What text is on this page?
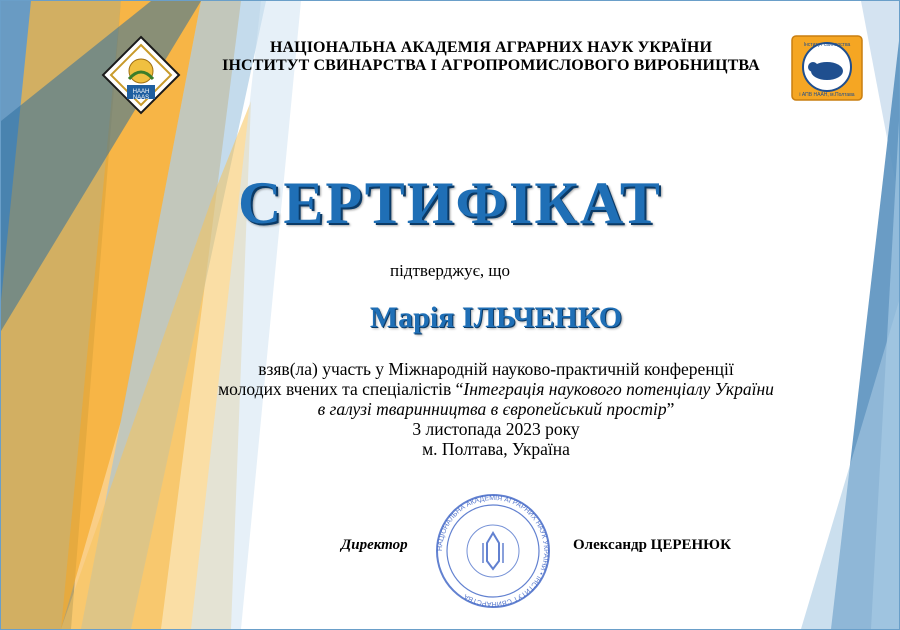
НААН
NAAS
Інститут свинарства
і АПВ НААН, м.Полтава
НАЦІОНАЛЬНА АКАДЕМІЯ АГРАРНИХ НАУК УКРАЇНИ
ІНСТИТУТ СВИНАРСТВА І АГРОПРОМИСЛОВОГО ВИРОБНИЦТВА
СЕРТИФІКАТ
підтверджує, що
Марія ІЛЬЧЕНКО
взяв(ла) участь у Міжнародній науково-практичній конференції
молодих вчених та спеціалістів “Інтеграція наукового потенціалу України
в галузі тваринництва в європейський простір”
3 листопада 2023 року
м. Полтава, Україна
НАЦІОНАЛЬНА АКАДЕМІЯ АГРАРНИХ НАУК УКРАЇНИ • ІНСТИТУТ СВИНАРСТВА
Директор	Олександр ЦЕРЕНЮК
